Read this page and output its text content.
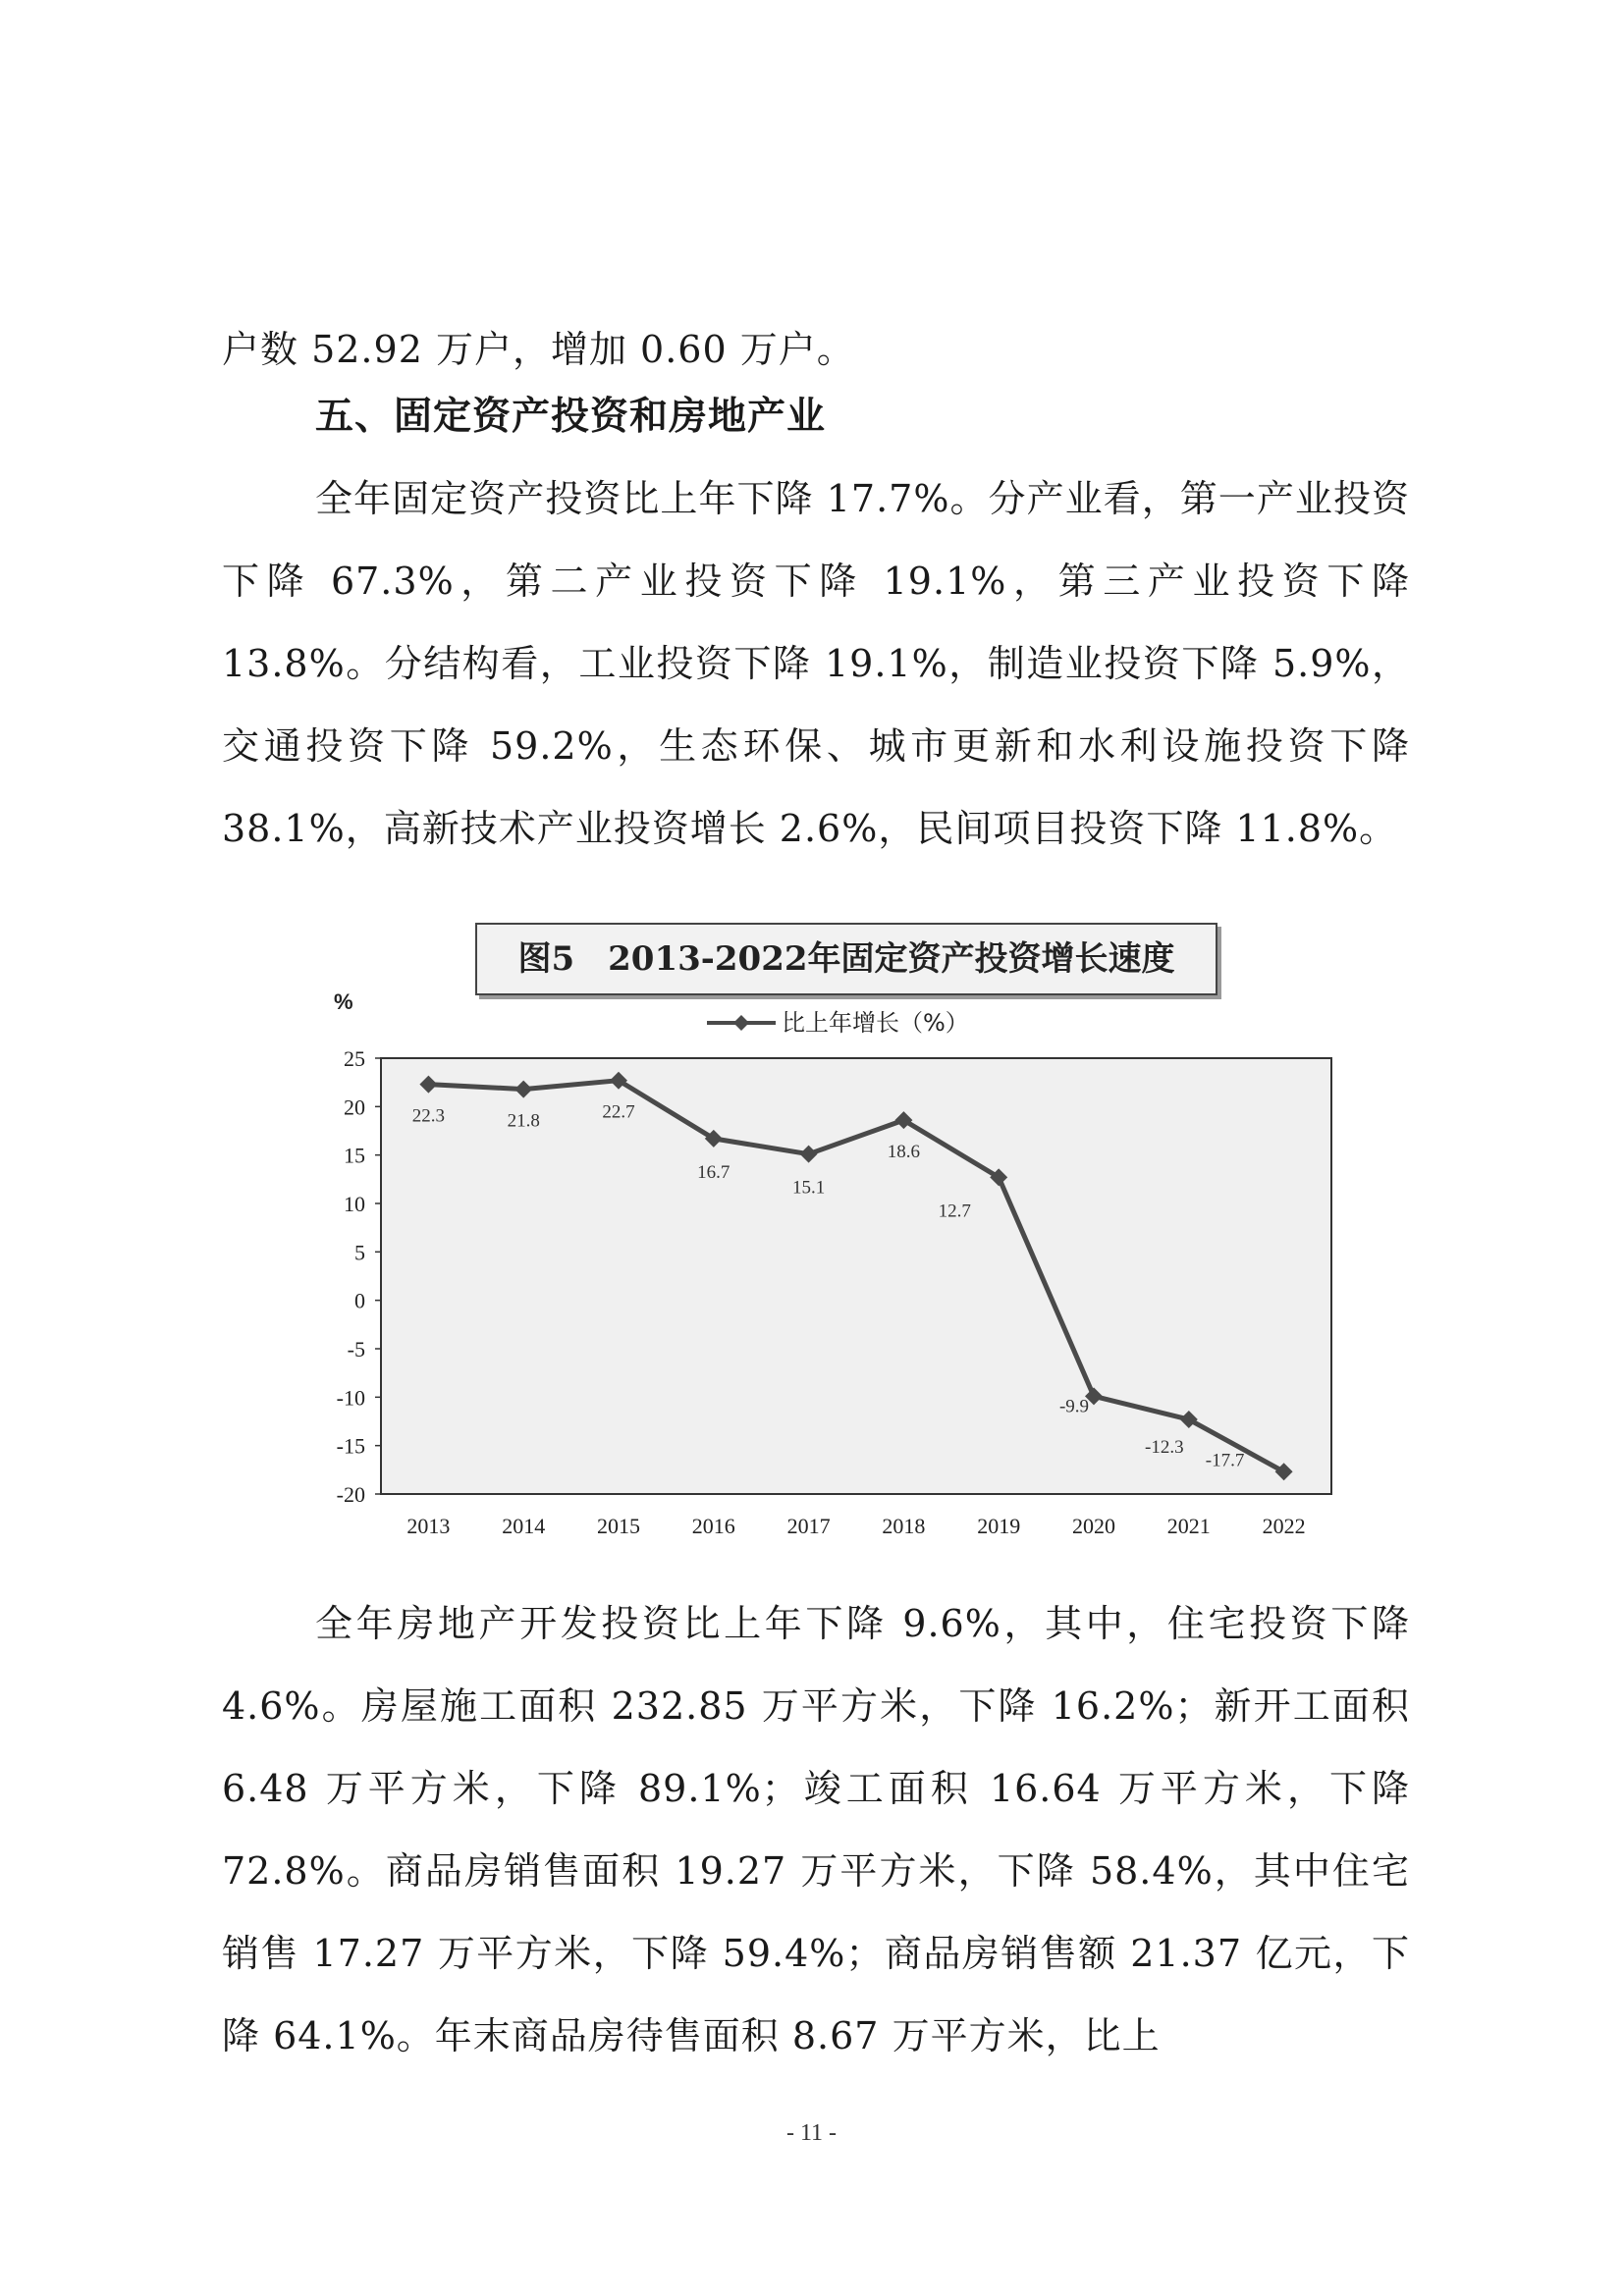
户数 52.92 万户，增加 0.60 万户。

五、固定资产投资和房地产业

全年固定资产投资比上年下降 17.7%。分产业看，第一产业投资下降 67.3%，第二产业投资下降 19.1%，第三产业投资下降 13.8%。分结构看，工业投资下降 19.1%，制造业投资下降 5.9%，交通投资下降 59.2%，生态环保、城市更新和水利设施投资下降 38.1%，高新技术产业投资增长 2.6%，民间项目投资下降 11.8%。

图5　2013-2022年固定资产投资增长速度
%
比上年增长（%）
25
20
15
10
5
0
-5
-10
-15
-20
2013 2014 2015 2016 2017 2018 2019 2020 2021 2022
22.3	21.8	22.7
16.7
15.1
18.6
12.7
-9.9
-12.3
-17.7

全年房地产开发投资比上年下降 9.6%，其中，住宅投资下降 4.6%。房屋施工面积 232.85 万平方米，下降 16.2%；新开工面积 6.48 万平方米，下降 89.1%；竣工面积 16.64 万平方米，下降 72.8%。商品房销售面积 19.27 万平方米，下降 58.4%，其中住宅销售 17.27 万平方米，下降 59.4%；商品房销售额 21.37 亿元，下降 64.1%。年末商品房待售面积 8.67 万平方米，比上

- 11 -
